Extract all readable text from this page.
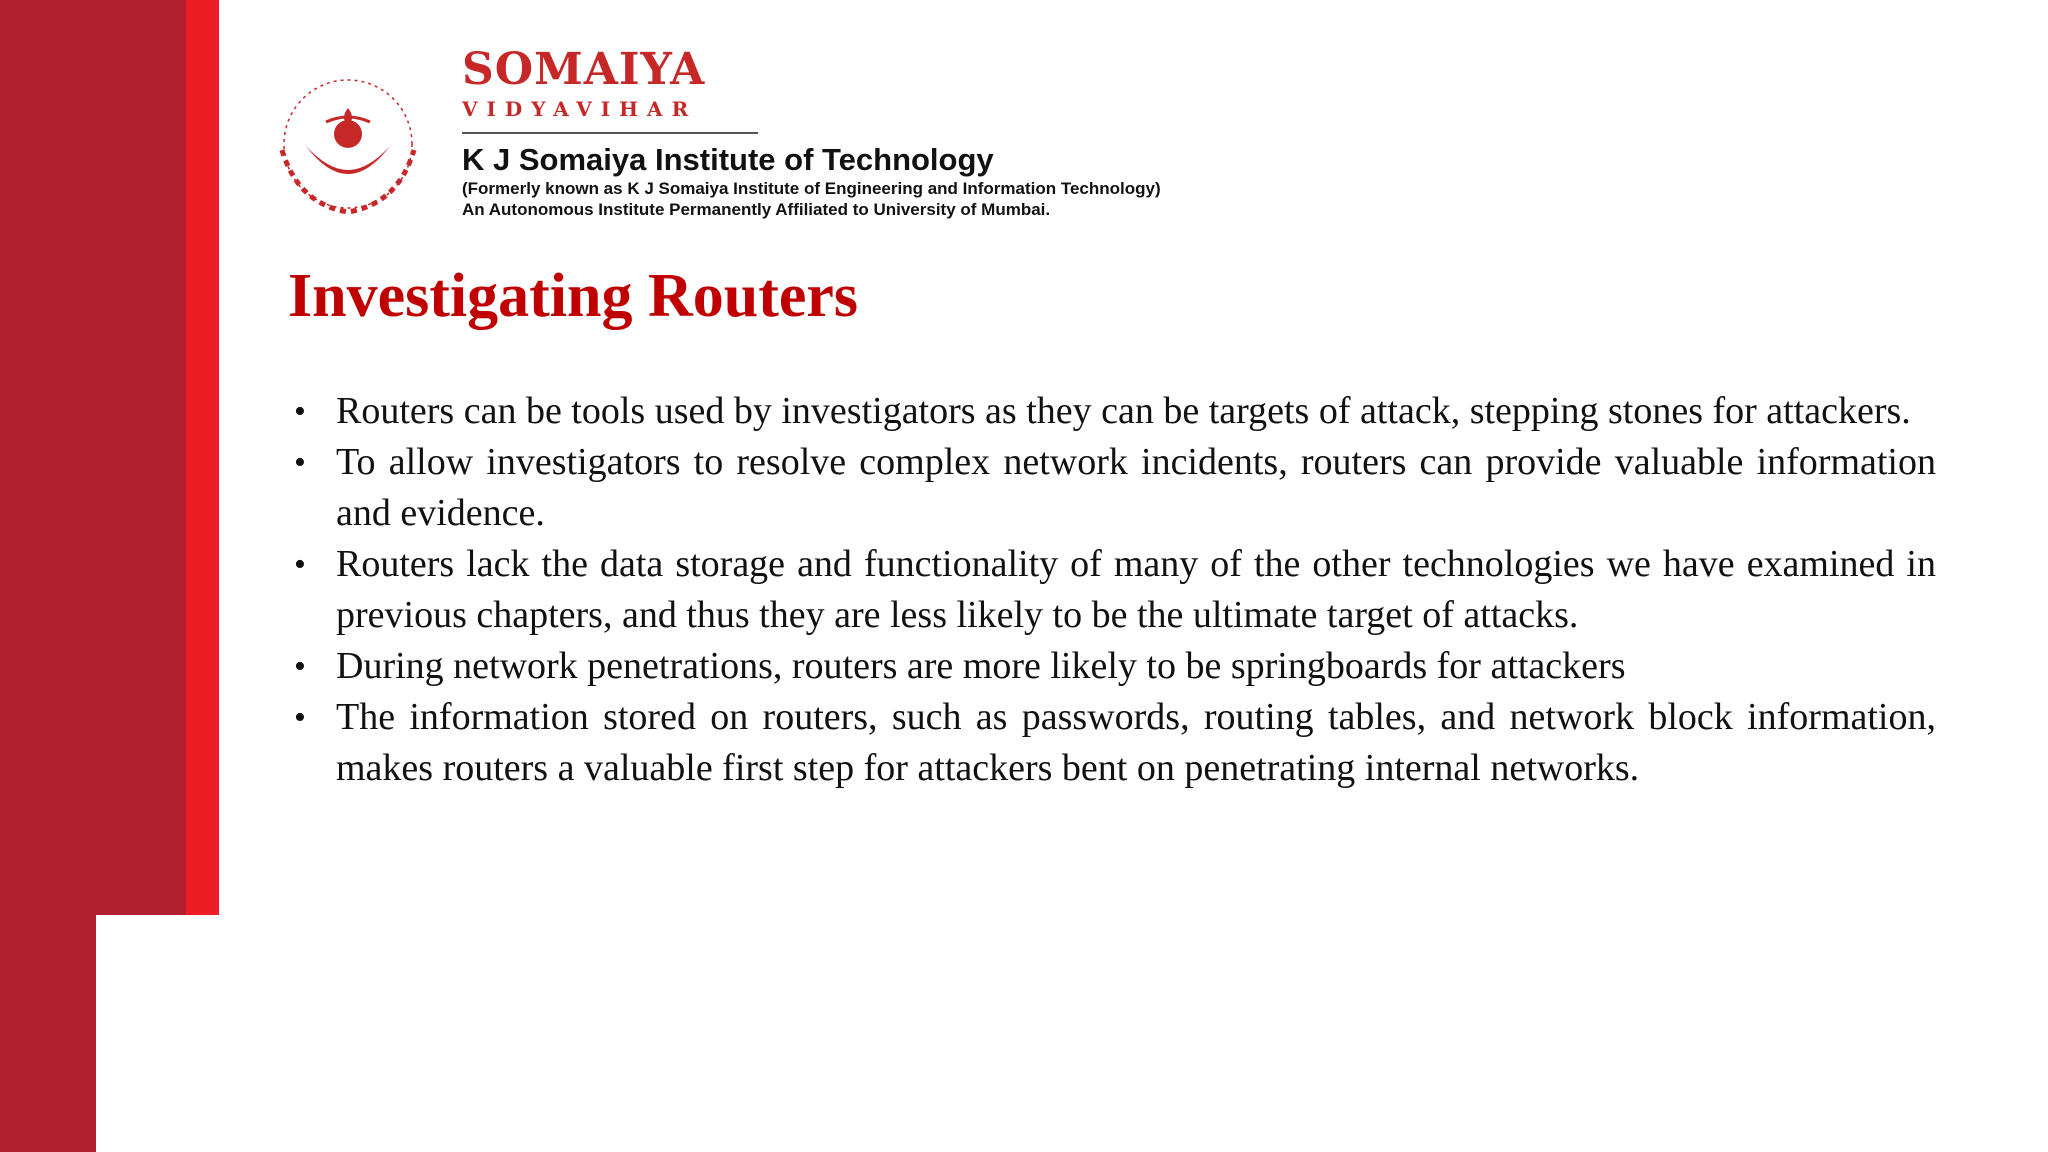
SOMAIYA
VIDYAVIHAR
K J Somaiya Institute of Technology
(Formerly known as K J Somaiya Institute of Engineering and Information Technology)
An Autonomous Institute Permanently Affiliated to University of Mumbai.
Investigating Routers
• Routers can be tools used by investigators as they can be targets of attack, stepping stones for attackers.
• To allow investigators to resolve complex network incidents, routers can provide valuable information and evidence.
• Routers lack the data storage and functionality of many of the other technologies we have examined in previous chapters, and thus they are less likely to be the ultimate target of attacks.
• During network penetrations, routers are more likely to be springboards for attackers
• The information stored on routers, such as passwords, routing tables, and network block information, makes routers a valuable first step for attackers bent on penetrating internal networks.
